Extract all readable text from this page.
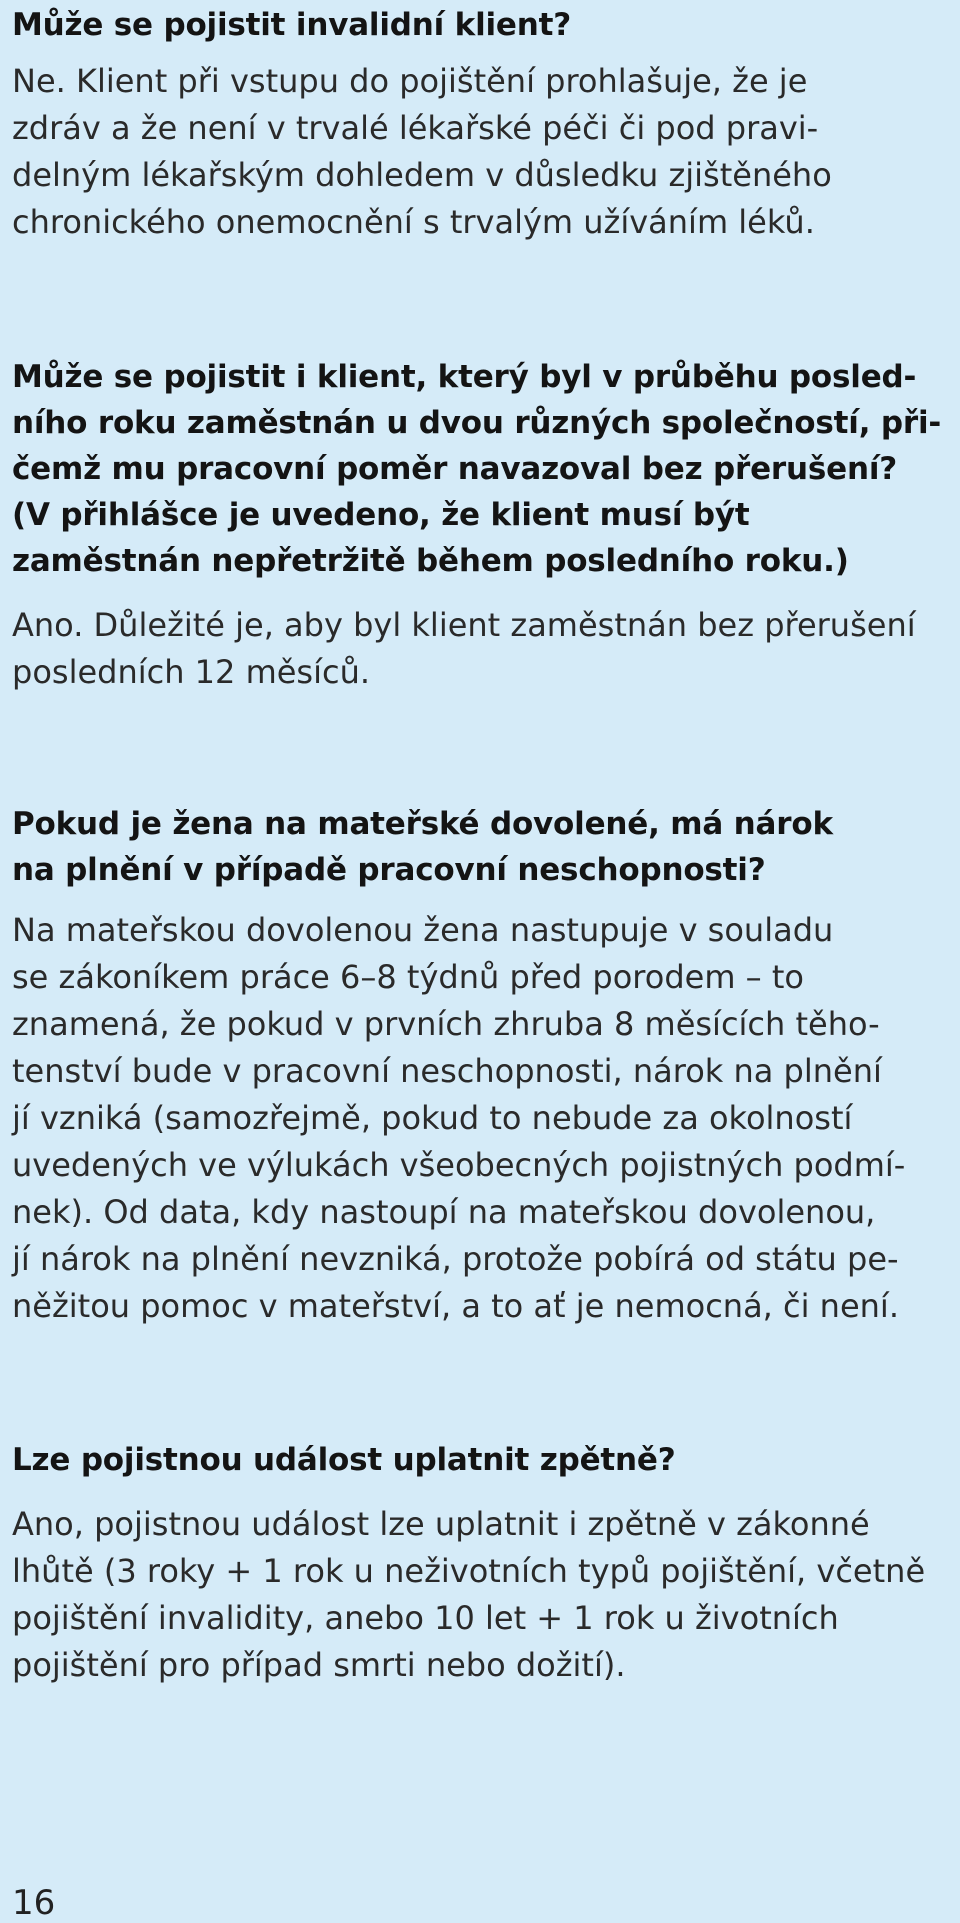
Může se pojistit invalidní klient?

Ne. Klient při vstupu do pojištění prohlašuje, že je
zdráv a že není v trvalé lékařské péči či pod pravi-
delným lékařským dohledem v důsledku zjištěného
chronického onemocnění s trvalým užíváním léků.

Může se pojistit i klient, který byl v průběhu posled-
ního roku zaměstnán u dvou různých společností, při-
čemž mu pracovní poměr navazoval bez přerušení?
(V přihlášce je uvedeno, že klient musí být
zaměstnán nepřetržitě během posledního roku.)

Ano. Důležité je, aby byl klient zaměstnán bez přerušení
posledních 12 měsíců.

Pokud je žena na mateřské dovolené, má nárok
na plnění v případě pracovní neschopnosti?

Na mateřskou dovolenou žena nastupuje v souladu
se zákoníkem práce 6–8 týdnů před porodem – to
znamená, že pokud v prvních zhruba 8 měsících těho-
tenství bude v pracovní neschopnosti, nárok na plnění
jí vzniká (samozřejmě, pokud to nebude za okolností
uvedených ve výlukách všeobecných pojistných podmí-
nek). Od data, kdy nastoupí na mateřskou dovolenou,
jí nárok na plnění nevzniká, protože pobírá od státu pe-
něžitou pomoc v mateřství, a to ať je nemocná, či není.

Lze pojistnou událost uplatnit zpětně?

Ano, pojistnou událost lze uplatnit i zpětně v zákonné
lhůtě (3 roky + 1 rok u neživotních typů pojištění, včetně
pojištění invalidity, anebo 10 let + 1 rok u životních
pojištění pro případ smrti nebo dožití).

16
